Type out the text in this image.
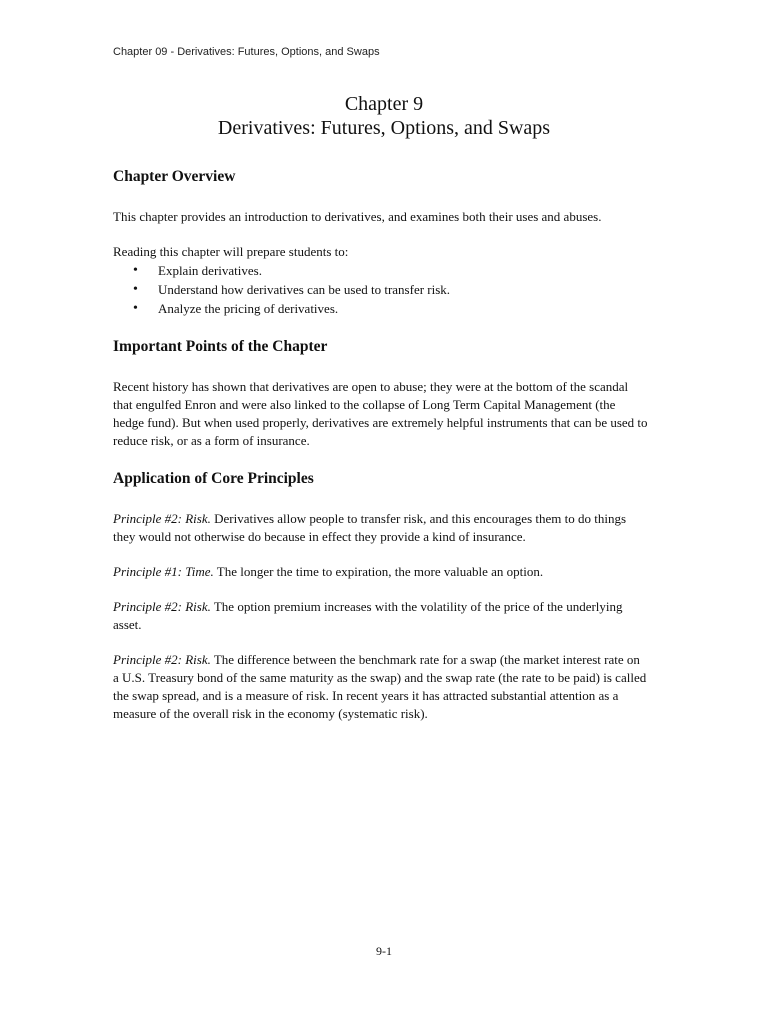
Chapter 09 - Derivatives: Futures, Options, and Swaps
Chapter 9
Derivatives: Futures, Options, and Swaps
Chapter Overview

This chapter provides an introduction to derivatives, and examines both their uses and abuses.

Reading this chapter will prepare students to:

• Explain derivatives.
• Understand how derivatives can be used to transfer risk.
• Analyze the pricing of derivatives.
Important Points of the Chapter

Recent history has shown that derivatives are open to abuse; they were at the bottom of the scandal that engulfed Enron and were also linked to the collapse of Long Term Capital Management (the hedge fund). But when used properly, derivatives are extremely helpful instruments that can be used to reduce risk, or as a form of insurance.

Application of Core Principles

Principle #2: Risk. Derivatives allow people to transfer risk, and this encourages them to do things they would not otherwise do because in effect they provide a kind of insurance.

Principle #1: Time. The longer the time to expiration, the more valuable an option.

Principle #2: Risk. The option premium increases with the volatility of the price of the underlying asset.

Principle #2: Risk. The difference between the benchmark rate for a swap (the market interest rate on a U.S. Treasury bond of the same maturity as the swap) and the swap rate (the rate to be paid) is called the swap spread, and is a measure of risk. In recent years it has attracted substantial attention as a measure of the overall risk in the economy (systematic risk).

9-1
